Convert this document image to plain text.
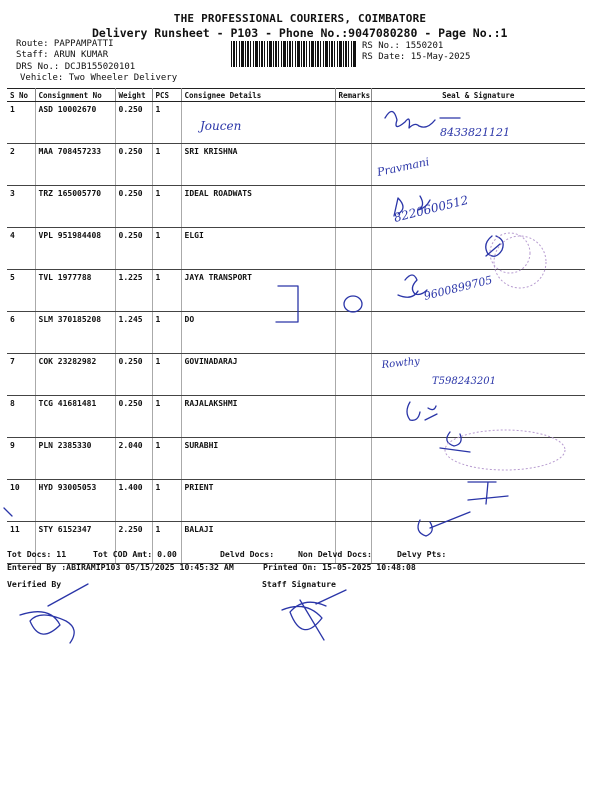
THE PROFESSIONAL COURIERS, COIMBATORE
Delivery Runsheet - P103 - Phone No.:9047080280 - Page No.:1
Route: PAPPAMPATTI
Staff: ARUN KUMAR
DRS No.: DCJB155020101
Vehicle: Two Wheeler Delivery
RS No.: 1550201
RS Date: 15-May-2025
S No	Consignment No	Weight	PCS	Consignee Details	Remarks	Seal & Signature
1	ASD 10002670	0.250	1			
2	MAA 708457233	0.250	1	SRI KRISHNA		
3	TRZ 165005770	0.250	1	IDEAL ROADWATS		
4	VPL 951984408	0.250	1	ELGI		
5	TVL 1977788	1.225	1	JAYA TRANSPORT		
6	SLM 370185208	1.245	1	DO		
7	COK 23282982	0.250	1	GOVINADARAJ		
8	TCG 41681481	0.250	1	RAJALAKSHMI		
9	PLN 2385330	2.040	1	SURABHI		
10	HYD 93005053	1.400	1	PRIENT		
11	STY 6152347	2.250	1	BALAJI		
Joucen	8433821121
Pravmani
8220600512
9600899705
Rowthy
T598243201
Tot Docs: 11	Tot COD Amt: 0.00	Delvd Docs:	Non Delvd Docs:	Delvy Pts:
Entered By :ABIRAMIP103 05/15/2025 10:45:32 AM	Printed On: 15-05-2025 10:48:08
Verified By	Staff Signature
